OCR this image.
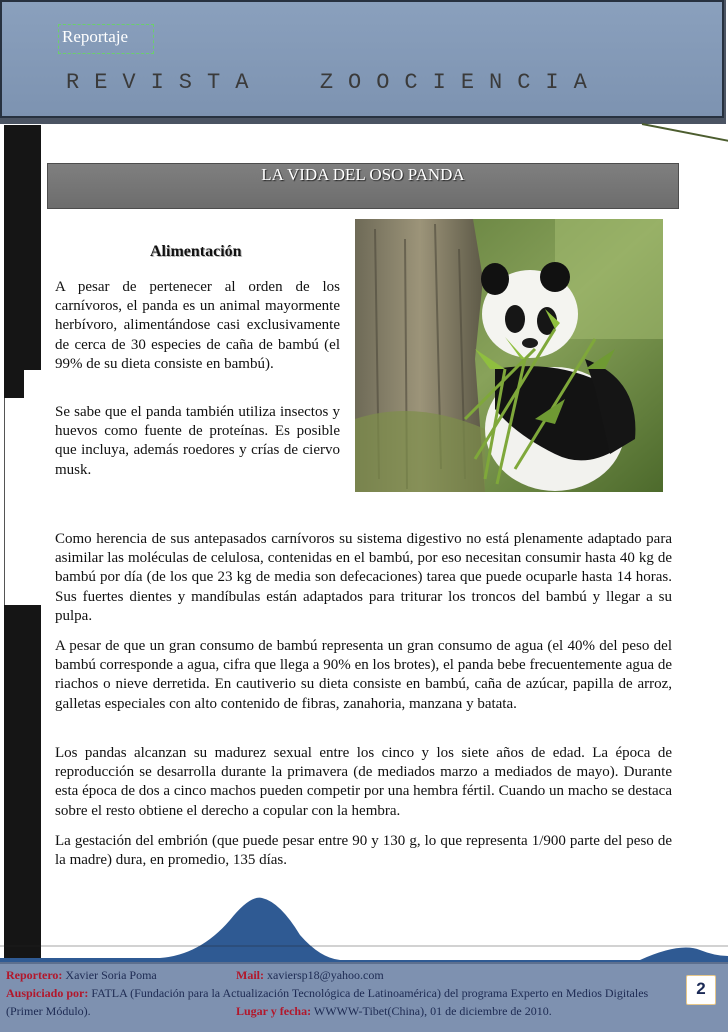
Reportaje
REVISTA  ZOOCIENCIA
LA VIDA DEL OSO PANDA
Alimentación

A pesar de pertenecer al orden de los carnívoros, el panda es un animal mayormente herbívoro, alimentándose casi exclusivamente de cerca de 30 especies de caña de bambú (el 99% de su dieta consiste en bambú).

Se sabe que el panda también utiliza insectos y huevos como fuente de proteínas. Es posible que incluya, además roedores y crías de ciervo musk.

Como herencia de sus antepasados carnívoros su sistema digestivo no está plenamente adaptado para asimilar las moléculas de celulosa, contenidas en el bambú, por eso necesitan consumir hasta 40 kg de bambú por día (de los que 23 kg de media son defecaciones) tarea que puede ocuparle hasta 14 horas. Sus fuertes dientes y mandíbulas están adaptados para triturar los troncos del bambú y llegar a su pulpa.

A pesar de que un gran consumo de bambú representa un gran consumo de agua (el 40% del peso del bambú corresponde a agua, cifra que llega a 90% en los brotes), el panda bebe frecuentemente agua de riachos o nieve derretida. En cautiverio su dieta consiste en bambú, caña de azúcar, papilla de arroz, galletas especiales con alto contenido de fibras, zanahoria, manzana y batata.

Los pandas alcanzan su madurez sexual entre los cinco y los siete años de edad. La época de reproducción se desarrolla durante la primavera (de mediados marzo a mediados de mayo). Durante esta época de dos a cinco machos pueden competir por una hembra fértil. Cuando un macho se destaca sobre el resto obtiene el derecho a copular con la hembra.

La gestación del embrión (que puede pesar entre 90 y 130 g, lo que representa 1/900 parte del peso de la madre) dura, en promedio, 135 días.

Reportero: Xavier Soria Poma	Mail: xaviersp18@yahoo.com
Auspiciado por: FATLA (Fundación para la Actualización Tecnológica de Latinoamérica) del programa Experto en Medios Digitales
(Primer Módulo).	Lugar y fecha: WWWW-Tibet(China), 01 de diciembre de 2010.
2
